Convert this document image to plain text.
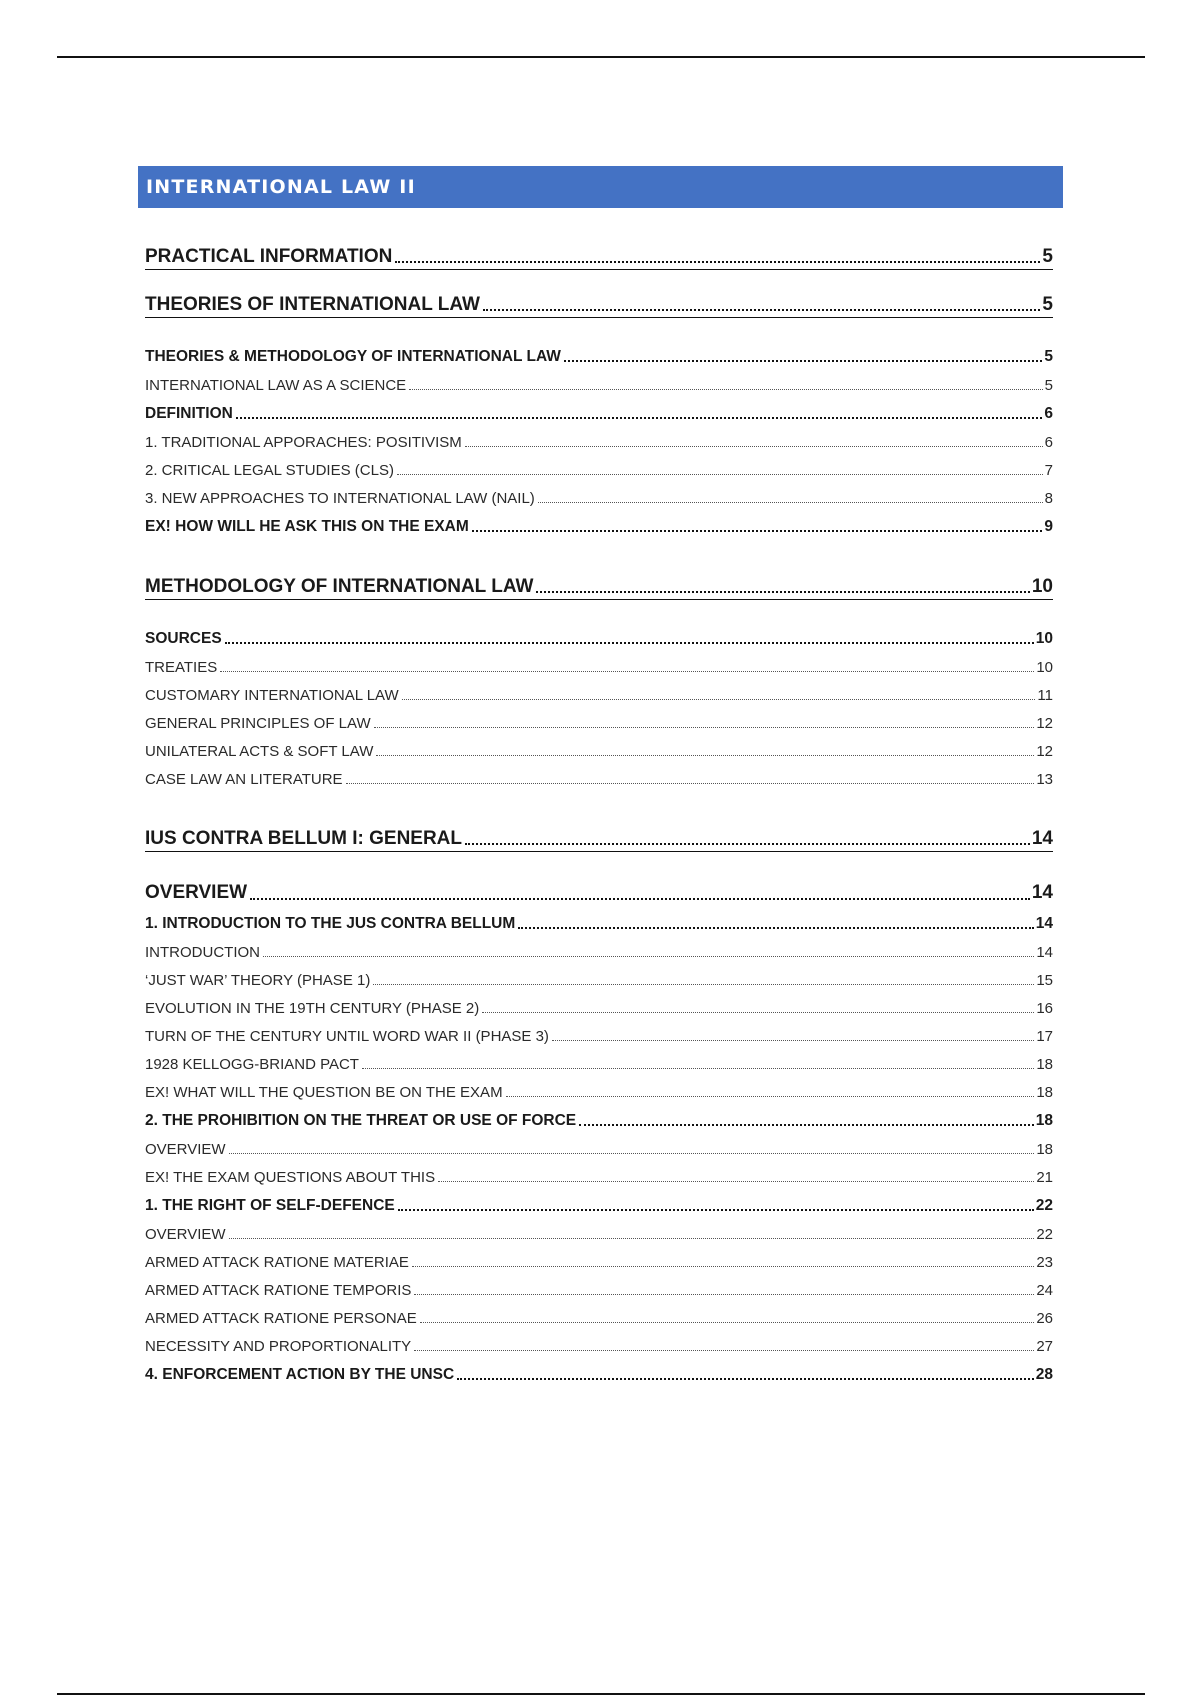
INTERNATIONAL LAW II
PRACTICAL INFORMATION	5
THEORIES OF INTERNATIONAL LAW	5
THEORIES & METHODOLOGY OF INTERNATIONAL LAW	5
INTERNATIONAL LAW AS A SCIENCE	5
DEFINITION	6
1. TRADITIONAL APPORACHES: POSITIVISM	6
2. CRITICAL LEGAL STUDIES (CLS)	7
3. NEW APPROACHES TO INTERNATIONAL LAW (NAIL)	8
EX! HOW WILL HE ASK THIS ON THE EXAM	9
METHODOLOGY OF INTERNATIONAL LAW	10
SOURCES	10
TREATIES	10
CUSTOMARY INTERNATIONAL LAW	11
GENERAL PRINCIPLES OF LAW	12
UNILATERAL ACTS & SOFT LAW	12
CASE LAW AN LITERATURE	13
IUS CONTRA BELLUM I: GENERAL	14
OVERVIEW	14
1. INTRODUCTION TO THE JUS CONTRA BELLUM	14
INTRODUCTION	14
‘JUST WAR’ THEORY (PHASE 1)	15
EVOLUTION IN THE 19TH CENTURY (PHASE 2)	16
TURN OF THE CENTURY UNTIL WORD WAR II (PHASE 3)	17
1928 KELLOGG-BRIAND PACT	18
EX! WHAT WILL THE QUESTION BE ON THE EXAM	18
2. THE PROHIBITION ON THE THREAT OR USE OF FORCE	18
OVERVIEW	18
EX! THE EXAM QUESTIONS ABOUT THIS	21
1. THE RIGHT OF SELF-DEFENCE	22
OVERVIEW	22
ARMED ATTACK RATIONE MATERIAE	23
ARMED ATTACK RATIONE TEMPORIS	24
ARMED ATTACK RATIONE PERSONAE	26
NECESSITY AND PROPORTIONALITY	27
4. ENFORCEMENT ACTION BY THE UNSC	28
